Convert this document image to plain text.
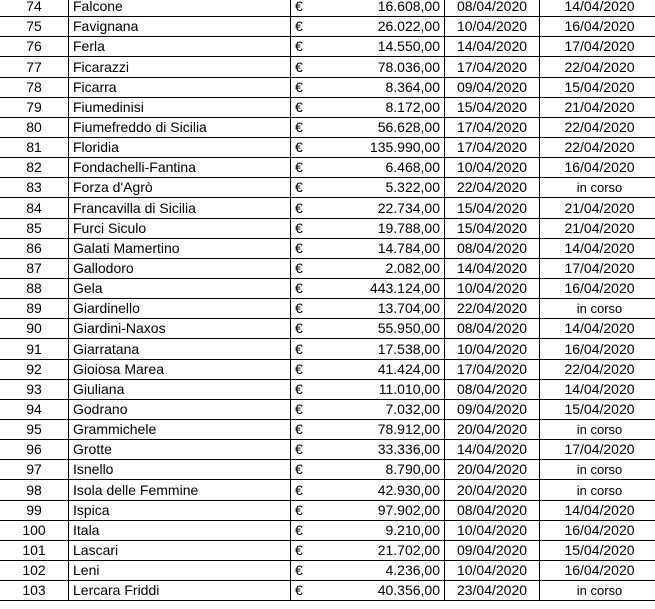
74	Falcone	€	16.608,00	08/04/2020	14/04/2020
75	Favignana	€	26.022,00	10/04/2020	16/04/2020
76	Ferla	€	14.550,00	14/04/2020	17/04/2020
77	Ficarazzi	€	78.036,00	17/04/2020	22/04/2020
78	Ficarra	€	8.364,00	09/04/2020	15/04/2020
79	Fiumedinisi	€	8.172,00	15/04/2020	21/04/2020
80	Fiumefreddo di Sicilia	€	56.628,00	17/04/2020	22/04/2020
81	Floridia	€	135.990,00	17/04/2020	22/04/2020
82	Fondachelli-Fantina	€	6.468,00	10/04/2020	16/04/2020
83	Forza d'Agrò	€	5.322,00	22/04/2020	in corso
84	Francavilla di Sicilia	€	22.734,00	15/04/2020	21/04/2020
85	Furci Siculo	€	19.788,00	15/04/2020	21/04/2020
86	Galati Mamertino	€	14.784,00	08/04/2020	14/04/2020
87	Gallodoro	€	2.082,00	14/04/2020	17/04/2020
88	Gela	€	443.124,00	10/04/2020	16/04/2020
89	Giardinello	€	13.704,00	22/04/2020	in corso
90	Giardini-Naxos	€	55.950,00	08/04/2020	14/04/2020
91	Giarratana	€	17.538,00	10/04/2020	16/04/2020
92	Gioiosa Marea	€	41.424,00	17/04/2020	22/04/2020
93	Giuliana	€	11.010,00	08/04/2020	14/04/2020
94	Godrano	€	7.032,00	09/04/2020	15/04/2020
95	Grammichele	€	78.912,00	20/04/2020	in corso
96	Grotte	€	33.336,00	14/04/2020	17/04/2020
97	Isnello	€	8.790,00	20/04/2020	in corso
98	Isola delle Femmine	€	42.930,00	20/04/2020	in corso
99	Ispica	€	97.902,00	08/04/2020	14/04/2020
100	Itala	€	9.210,00	10/04/2020	16/04/2020
101	Lascari	€	21.702,00	09/04/2020	15/04/2020
102	Leni	€	4.236,00	10/04/2020	16/04/2020
103	Lercara Friddi	€	40.356,00	23/04/2020	in corso
